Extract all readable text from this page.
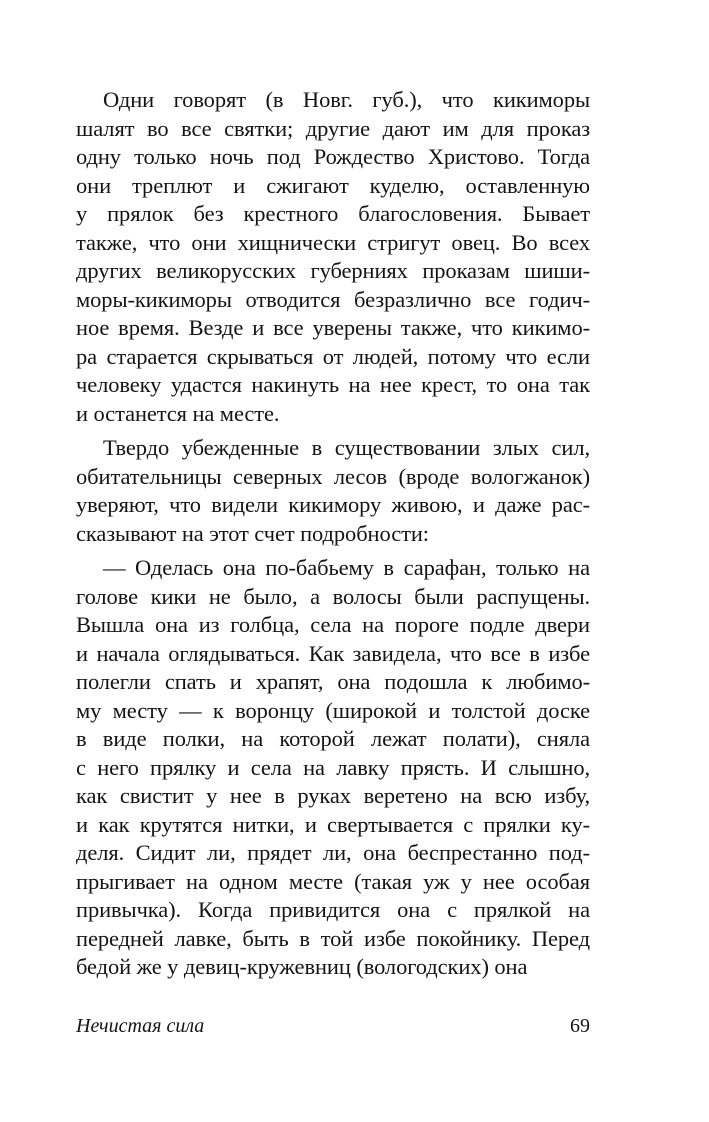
Одни говорят (в Новг. губ.), что кикиморы
шалят во все святки; другие дают им для проказ
одну только ночь под Рождество Христово. Тогда
они треплют и сжигают куделю, оставленную
у прялок без крестного благословения. Бывает
также, что они хищнически стригут овец. Во всех
других великорусских губерниях проказам шиши-
моры-кикиморы отводится безразлично все годич-
ное время. Везде и все уверены также, что кикимо-
ра старается скрываться от людей, потому что если
человеку удастся накинуть на нее крест, то она так
и останется на месте.
Твердо убежденные в существовании злых сил,
обитательницы северных лесов (вроде вологжанок)
уверяют, что видели кикимору живою, и даже рас-
сказывают на этот счет подробности:
— Оделась она по-бабьему в сарафан, только на
голове кики не было, а волосы были распущены.
Вышла она из голбца, села на пороге подле двери
и начала оглядываться. Как завидела, что все в избе
полегли спать и храпят, она подошла к любимо-
му месту — к воронцу (широкой и толстой доске
в виде полки, на которой лежат полати), сняла
с него прялку и села на лавку прясть. И слышно,
как свистит у нее в руках веретено на всю избу,
и как крутятся нитки, и свертывается с прялки ку-
деля. Сидит ли, прядет ли, она беспрестанно под-
прыгивает на одном месте (такая уж у нее особая
привычка). Когда привидится она с прялкой на
передней лавке, быть в той избе покойнику. Перед
бедой же у девиц-кружевниц (вологодских) она
Нечистая сила	69
